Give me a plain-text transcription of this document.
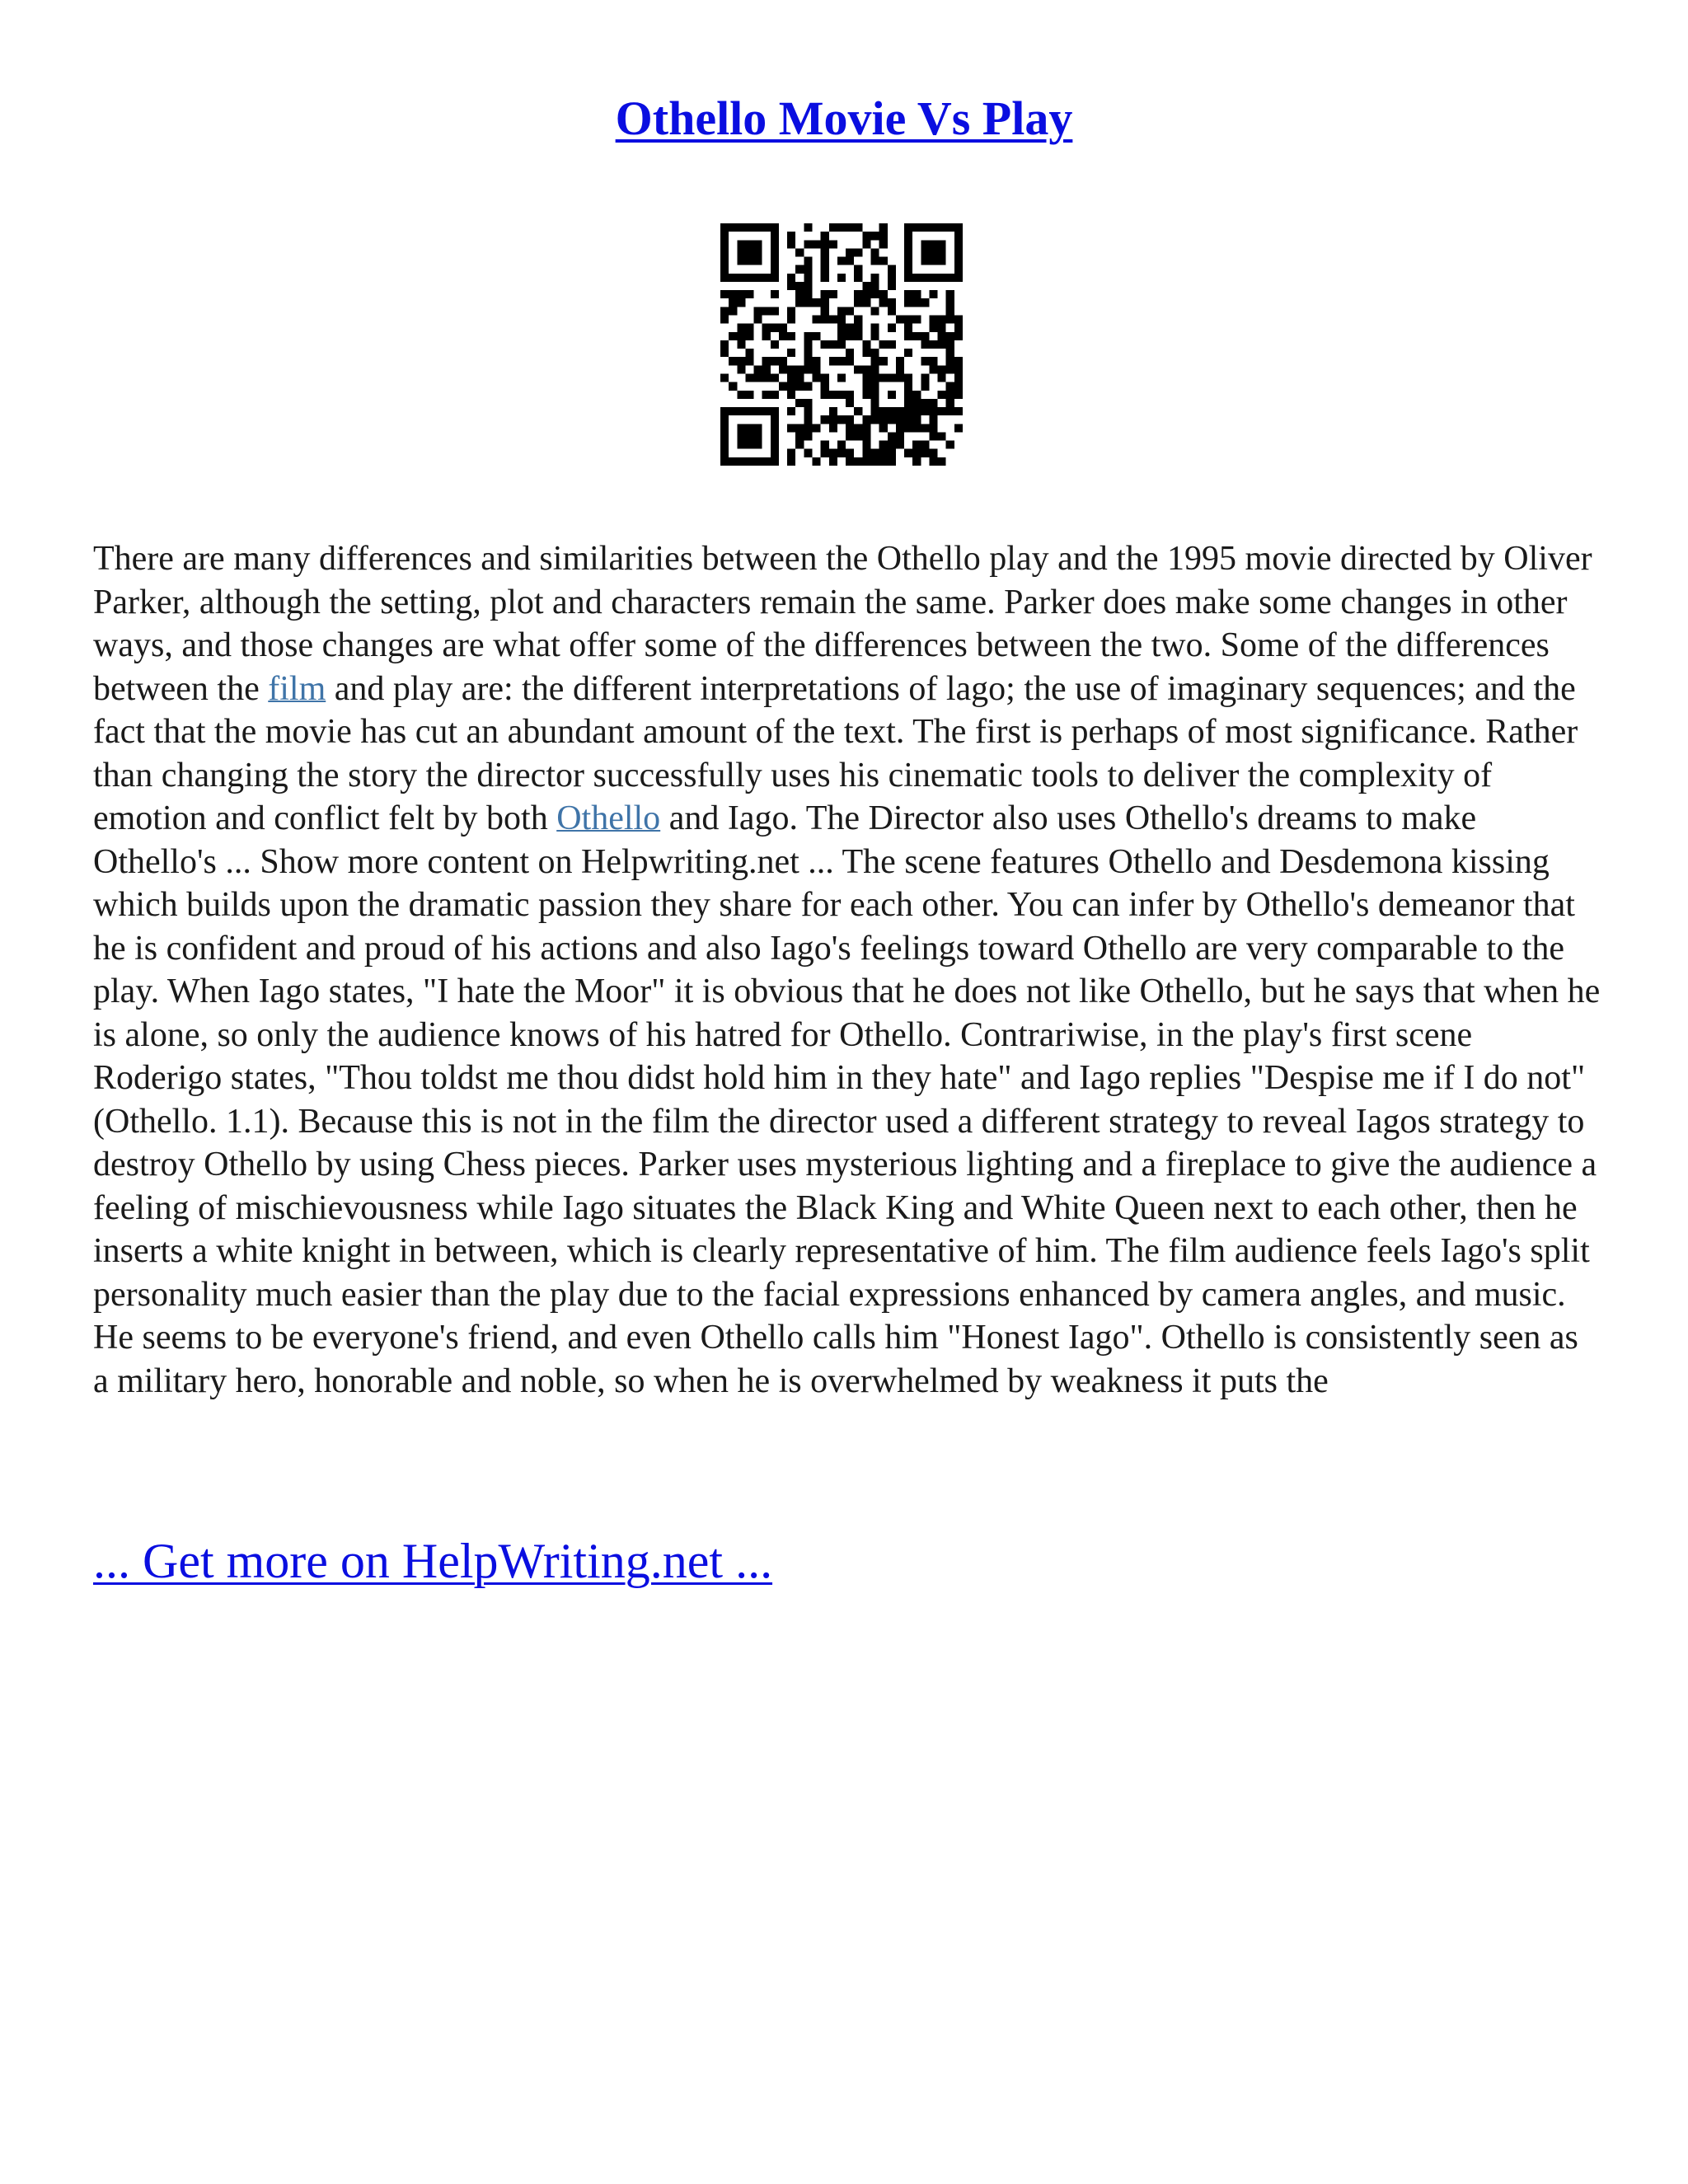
Othello Movie Vs Play

There are many differences and similarities between the Othello play and the 1995 movie directed by Oliver Parker, although the setting, plot and characters remain the same. Parker does make some changes in other ways, and those changes are what offer some of the differences between the two. Some of the differences between the film and play are: the different interpretations of lago; the use of imaginary sequences; and the fact that the movie has cut an abundant amount of the text. The first is perhaps of most significance. Rather than changing the story the director successfully uses his cinematic tools to deliver the complexity of emotion and conflict felt by both Othello and Iago. The Director also uses Othello's dreams to make Othello's ... Show more content on Helpwriting.net ... The scene features Othello and Desdemona kissing which builds upon the dramatic passion they share for each other. You can infer by Othello's demeanor that he is confident and proud of his actions and also Iago's feelings toward Othello are very comparable to the play. When Iago states, "I hate the Moor" it is obvious that he does not like Othello, but he says that when he is alone, so only the audience knows of his hatred for Othello. Contrariwise, in the play's first scene Roderigo states, "Thou toldst me thou didst hold him in they hate" and Iago replies "Despise me if I do not" (Othello. 1.1). Because this is not in the film the director used a different strategy to reveal Iagos strategy to destroy Othello by using Chess pieces. Parker uses mysterious lighting and a fireplace to give the audience a feeling of mischievousness while Iago situates the Black King and White Queen next to each other, then he inserts a white knight in between, which is clearly representative of him. The film audience feels Iago's split personality much easier than the play due to the facial expressions enhanced by camera angles, and music. He seems to be everyone's friend, and even Othello calls him "Honest Iago". Othello is consistently seen as a military hero, honorable and noble, so when he is overwhelmed by weakness it puts the

... Get more on HelpWriting.net ...
